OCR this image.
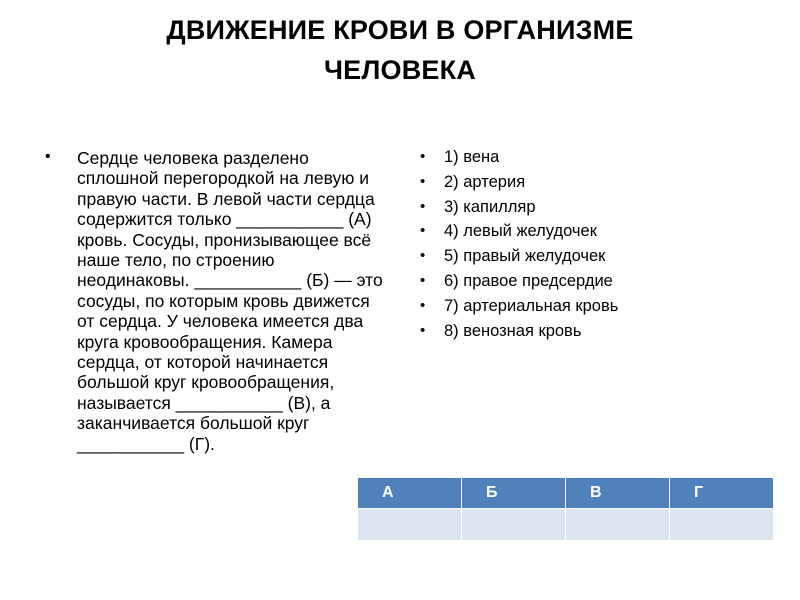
ДВИЖЕНИЕ КРОВИ В ОРГАНИЗМЕ ЧЕЛОВЕКА
• Сердце человека разделено сплошной перегородкой на левую и правую части. В левой части сердца содержится только ___________ (А) кровь. Сосуды, пронизывающее всё наше тело, по строению неодинаковы. ___________ (Б) — это сосуды, по которым кровь движется от сердца. У человека имеется два круга кровообращения. Камера сердца, от которой начинается большой круг кровообращения, называется ___________ (В), а заканчивается большой круг ___________ (Г).
• 1) вена
• 2) артерия
• 3) капилляр
• 4) левый желудочек
• 5) правый желудочек
• 6) правое предсердие
• 7) артериальная кровь
• 8) венозная кровь
А	Б	В	Г
